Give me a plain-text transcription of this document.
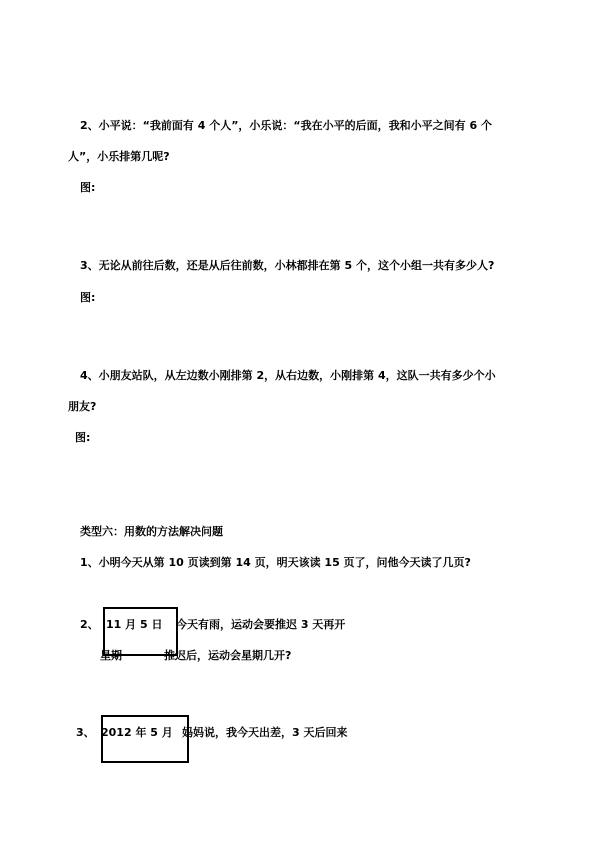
2、小平说：“我前面有 4 个人”，小乐说：“我在小平的后面，我和小平之间有 6 个
人”，小乐排第几呢?
图:
3、无论从前往后数，还是从后往前数，小林都排在第 5 个，这个小组一共有多少人?
图:
4、小朋友站队，从左边数小刚排第 2，从右边数，小刚排第 4，这队一共有多少个小
朋友?
图:
类型六：用数的方法解决问题
1、小明今天从第 10 页读到第 14 页，明天该读 15 页了，问他今天读了几页?
2、 11 月 5 日 今天有雨，运动会要推迟 3 天再开
星期	推迟后，运动会星期几开?
3、 2012 年 5 月 妈妈说，我今天出差，3 天后回来
